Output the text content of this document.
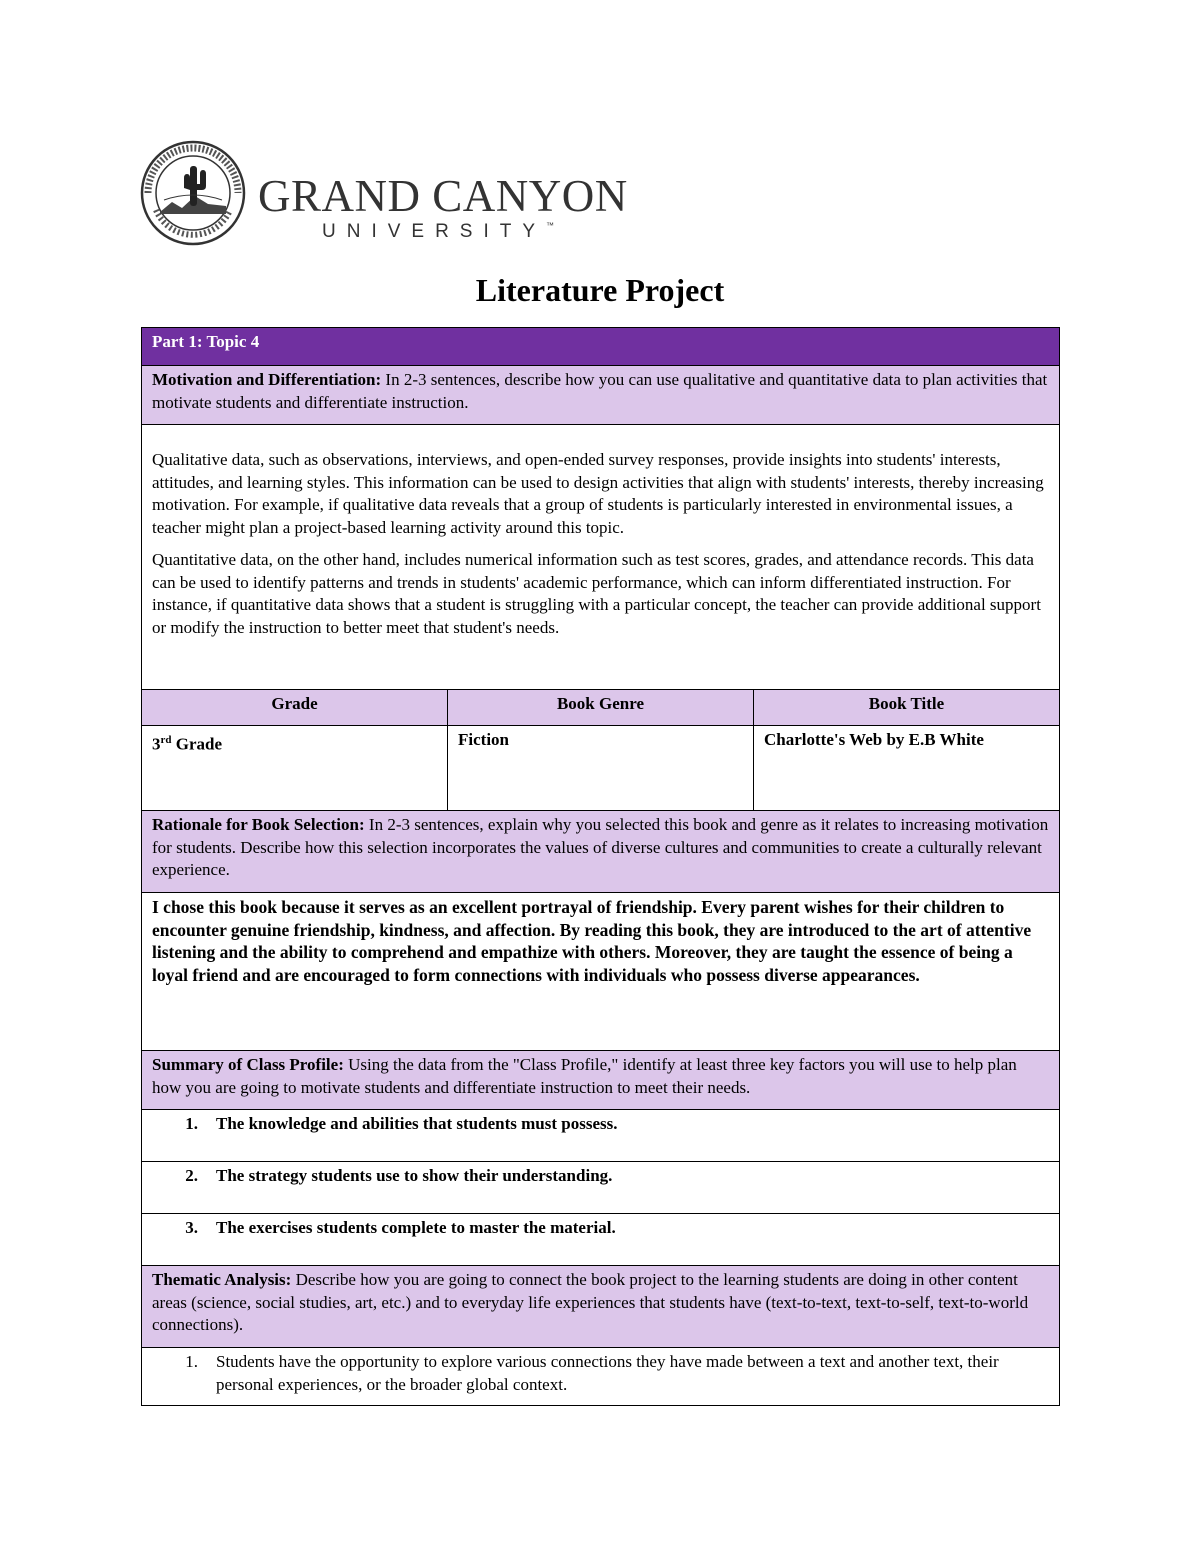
GRAND CANYON
UNIVERSITY™
Literature Project
Part 1: Topic 4		
Motivation and Differentiation: In 2-3 sentences, describe how you can use qualitative and quantitative data to plan activities that motivate students and differentiate instruction.		

Qualitative data, such as observations, interviews, and open-ended survey responses, provide insights into students' interests, attitudes, and learning styles. This information can be used to design activities that align with students' interests, thereby increasing motivation. For example, if qualitative data reveals that a group of students is particularly interested in environmental issues, a teacher might plan a project-based learning activity around this topic.

Quantitative data, on the other hand, includes numerical information such as test scores, grades, and attendance records. This data can be used to identify patterns and trends in students' academic performance, which can inform differentiated instruction. For instance, if quantitative data shows that a student is struggling with a particular concept, the teacher can provide additional support or modify the instruction to better meet that student's needs.		

Grade	Book Genre	Book Title
3rd Grade	Fiction	Charlotte's Web by E.B White
Rationale for Book Selection: In 2-3 sentences, explain why you selected this book and genre as it relates to increasing motivation for students. Describe how this selection incorporates the values of diverse cultures and communities to create a culturally relevant experience.		
I chose this book because it serves as an excellent portrayal of friendship. Every parent wishes for their children to encounter genuine friendship, kindness, and affection. By reading this book, they are introduced to the art of attentive listening and the ability to comprehend and empathize with others. Moreover, they are taught the essence of being a loyal friend and are encouraged to form connections with individuals who possess diverse appearances.		
Summary of Class Profile: Using the data from the "Class Profile," identify at least three key factors you will use to help plan how you are going to motivate students and differentiate instruction to meet their needs.		

1. The knowledge and abilities that students must possess.		

2. The strategy students use to show their understanding.		

3. The exercises students complete to master the material.		

Thematic Analysis: Describe how you are going to connect the book project to the learning students are doing in other content areas (science, social studies, art, etc.) and to everyday life experiences that students have (text-to-text, text-to-self, text-to-world connections).		

1. Students have the opportunity to explore various connections they have made between a text and another text, their personal experiences, or the broader global context.		
